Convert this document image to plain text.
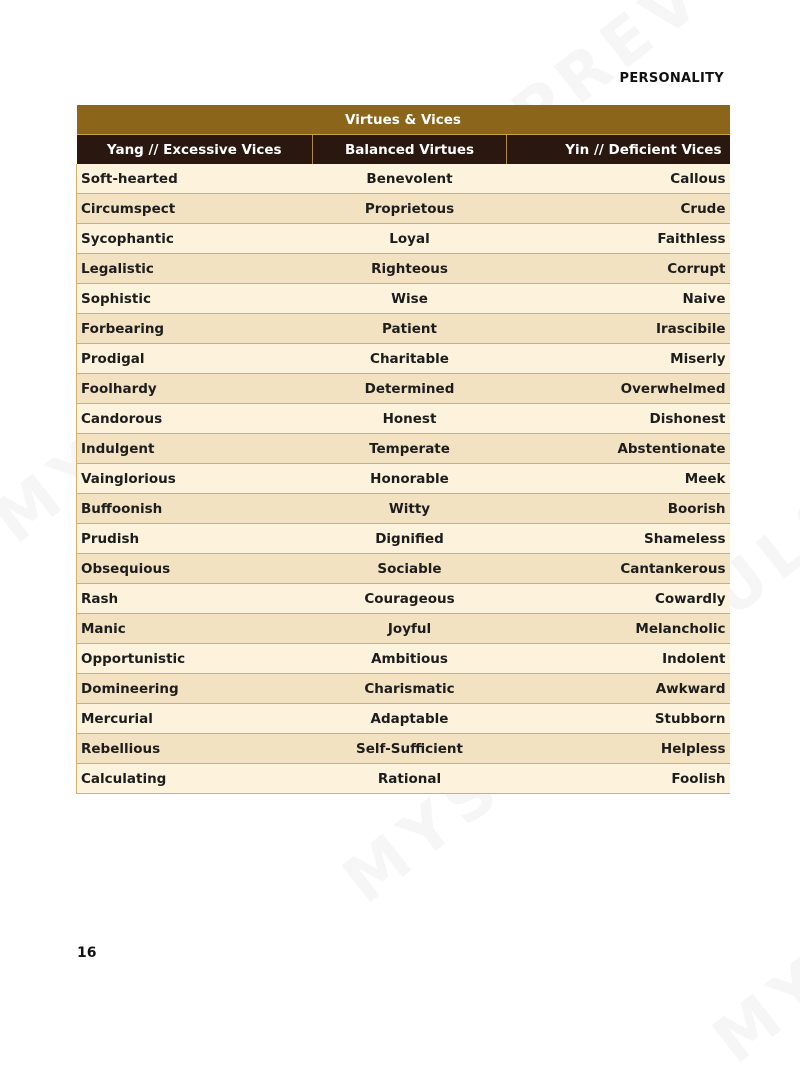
PERSONALITY
Virtues & Vices		
Yang // Excessive Vices	Balanced Virtues	Yin // Deficient Vices
Soft-hearted	Benevolent	Callous
Circumspect	Proprietous	Crude
Sycophantic	Loyal	Faithless
Legalistic	Righteous	Corrupt
Sophistic	Wise	Naive
Forbearing	Patient	Irascibile
Prodigal	Charitable	Miserly
Foolhardy	Determined	Overwhelmed
Candorous	Honest	Dishonest
Indulgent	Temperate	Abstentionate
Vainglorious	Honorable	Meek
Buffoonish	Witty	Boorish
Prudish	Dignified	Shameless
Obsequious	Sociable	Cantankerous
Rash	Courageous	Cowardly
Manic	Joyful	Melancholic
Opportunistic	Ambitious	Indolent
Domineering	Charismatic	Awkward
Mercurial	Adaptable	Stubborn
Rebellious	Self-Sufficient	Helpless
Calculating	Rational	Foolish
16
